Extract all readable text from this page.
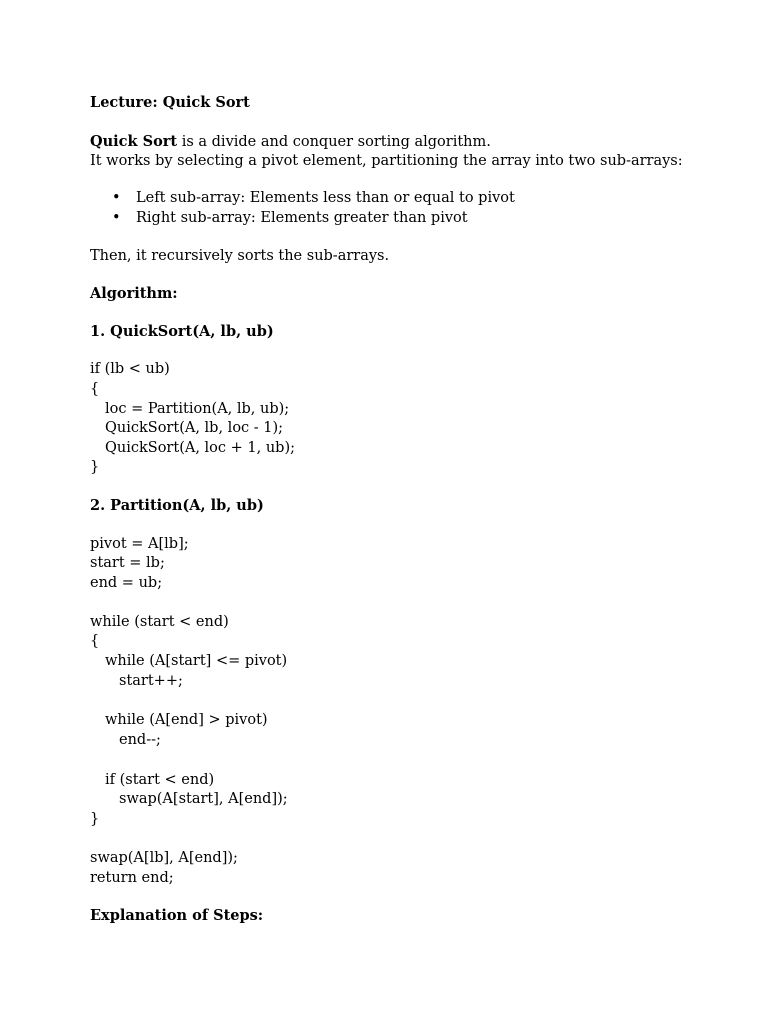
Lecture: Quick Sort
Quick Sort is a divide and conquer sorting algorithm.
It works by selecting a pivot element, partitioning the array into two sub-arrays:
• Left sub-array: Elements less than or equal to pivot
• Right sub-array: Elements greater than pivot
Then, it recursively sorts the sub-arrays.
Algorithm:
1. QuickSort(A, lb, ub)
if (lb < ub)
{
loc = Partition(A, lb, ub);
QuickSort(A, lb, loc - 1);
QuickSort(A, loc + 1, ub);
}
2. Partition(A, lb, ub)
pivot = A[lb];
start = lb;
end = ub;
while (start < end)
{
while (A[start] <= pivot)
start++;
while (A[end] > pivot)
end--;
if (start < end)
swap(A[start], A[end]);
}
swap(A[lb], A[end]);
return end;
Explanation of Steps:
